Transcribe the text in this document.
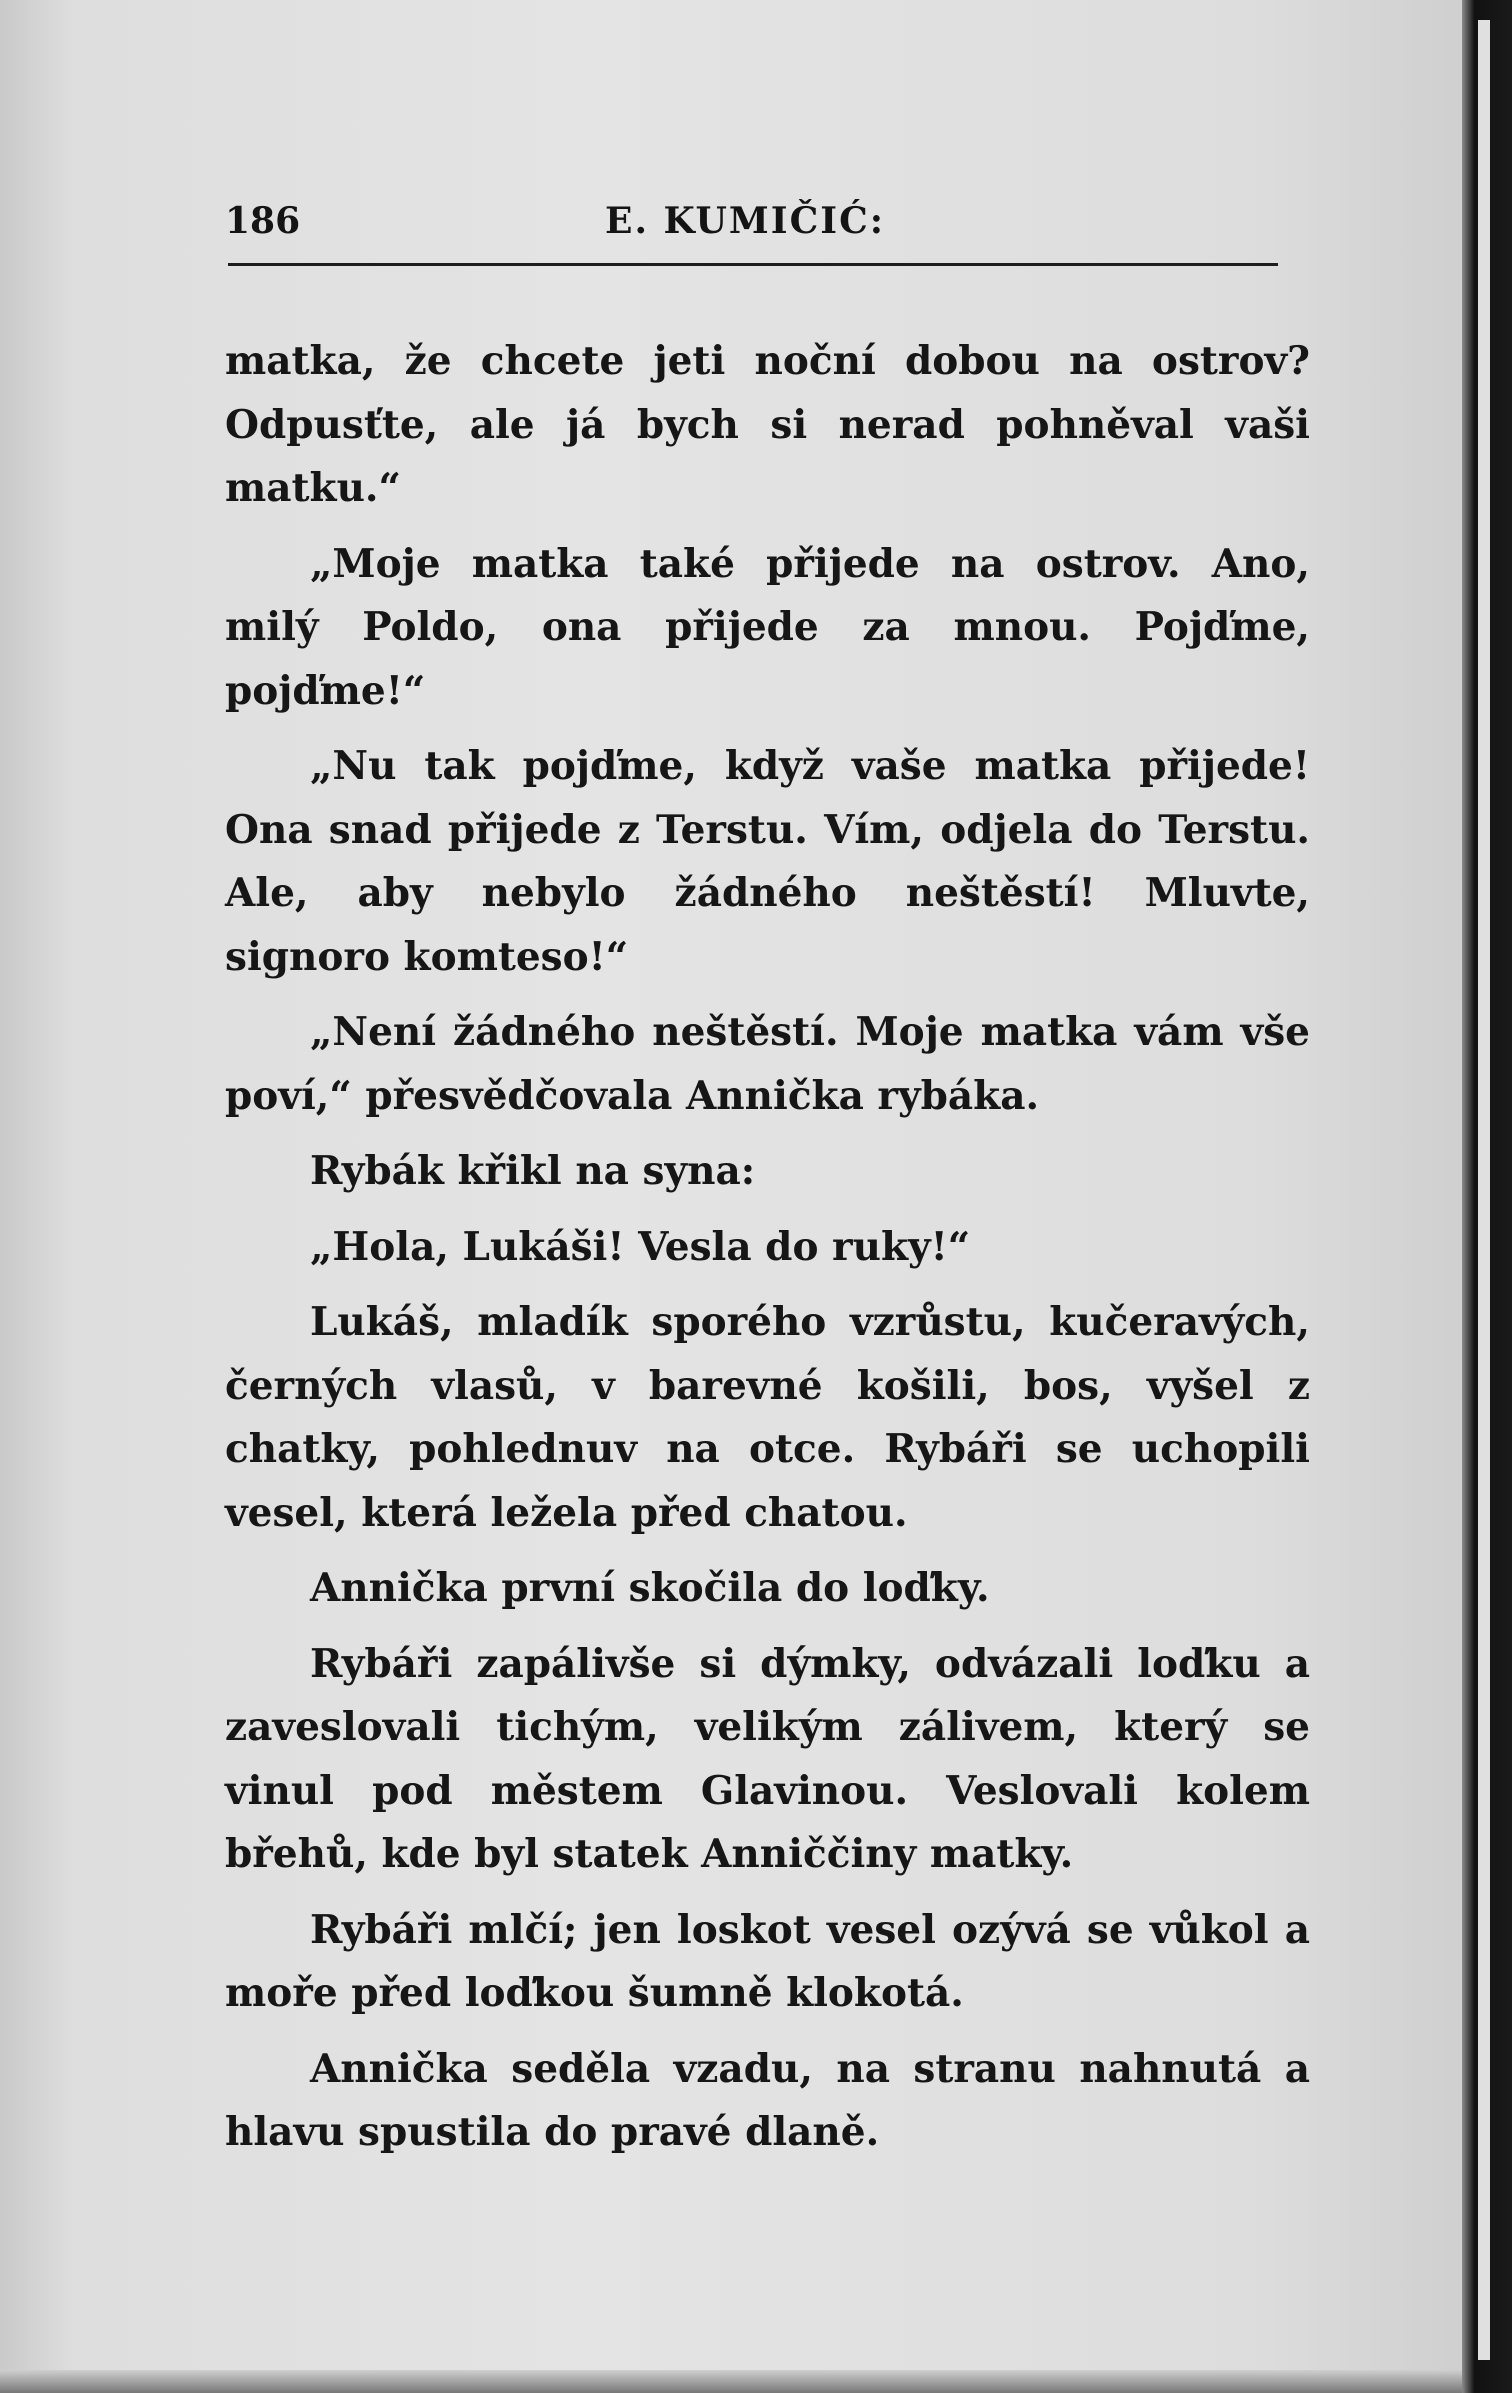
186	E. KUMIČIĆ:

matka, že chcete jeti noční dobou na ostrov? Odpusťte, ale já bych si nerad pohněval vaši matku.“

„Moje matka také přijede na ostrov. Ano, milý Poldo, ona přijede za mnou. Pojďme, pojďme!“

„Nu tak pojďme, když vaše matka přijede! Ona snad přijede z Terstu. Vím, odjela do Terstu. Ale, aby nebylo žádného neštěstí! Mluvte, signoro komteso!“

„Není žádného neštěstí. Moje matka vám vše poví,“ přesvědčovala Annička rybáka.

Rybák křikl na syna:

„Hola, Lukáši! Vesla do ruky!“

Lukáš, mladík sporého vzrůstu, kučeravých, černých vlasů, v barevné košili, bos, vyšel z chatky, pohlednuv na otce. Rybáři se uchopili vesel, která ležela před chatou.

Annička první skočila do loďky.

Rybáři zapálivše si dýmky, odvázali loďku a zaveslovali tichým, velikým zálivem, který se vinul pod městem Glavinou. Veslovali kolem břehů, kde byl statek Anniččiny matky.

Rybáři mlčí; jen loskot vesel ozývá se vůkol a moře před loďkou šumně klokotá.

Annička seděla vzadu, na stranu nahnutá a hlavu spustila do pravé dlaně.
